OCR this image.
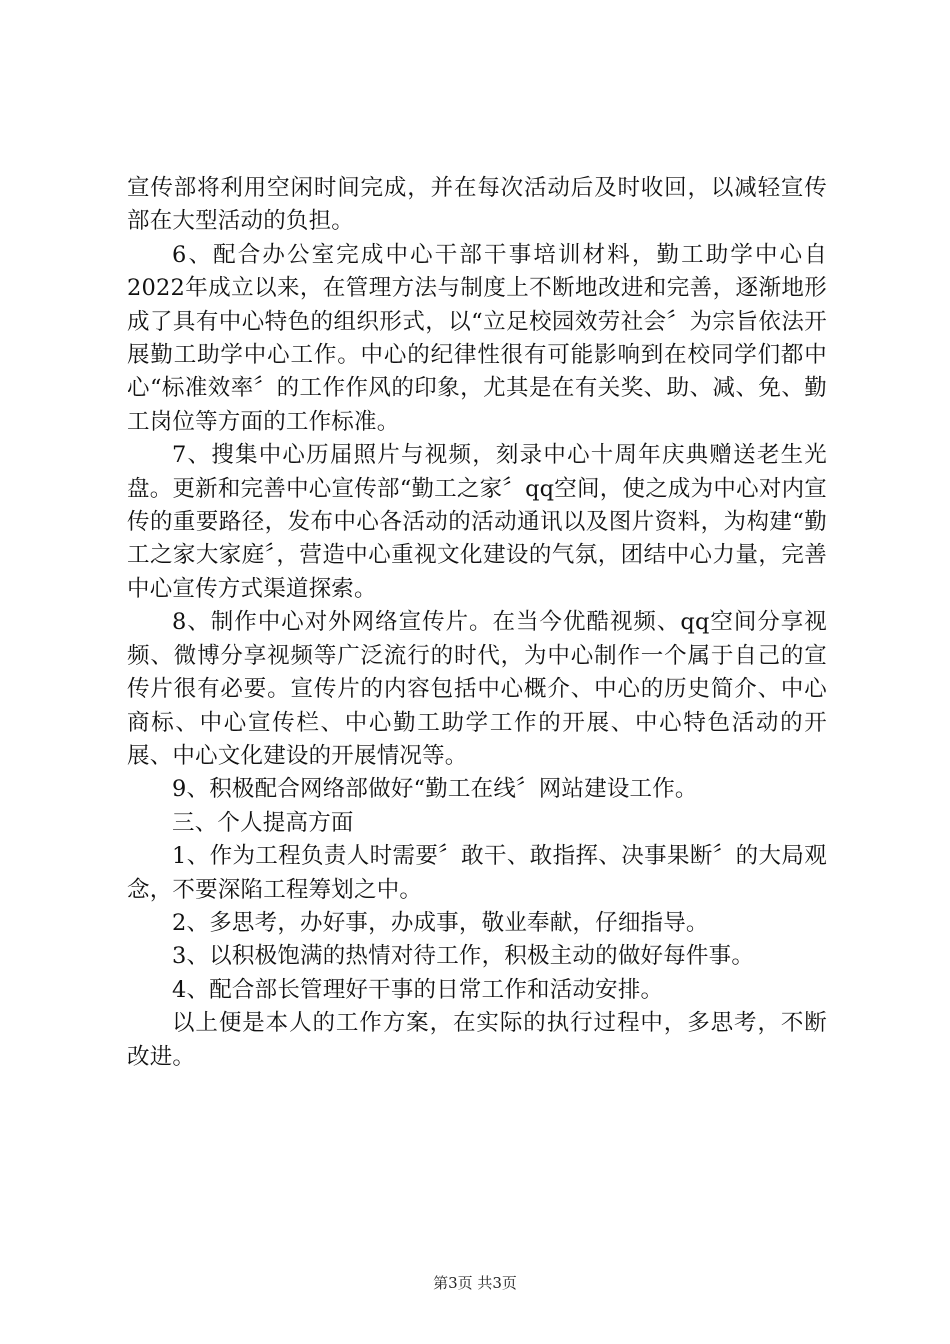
宣传部将利用空闲时间完成，并在每次活动后及时收回，以减轻宣传部在大型活动的负担。

6、配合办公室完成中心干部干事培训材料，勤工助学中心自2022年成立以来，在管理方法与制度上不断地改进和完善，逐渐地形成了具有中心特色的组织形式，以“立足校园效劳社会〞为宗旨依法开展勤工助学中心工作。中心的纪律性很有可能影响到在校同学们都中心“标准效率〞的工作作风的印象，尤其是在有关奖、助、减、免、勤工岗位等方面的工作标准。

7、搜集中心历届照片与视频，刻录中心十周年庆典赠送老生光盘。更新和完善中心宣传部“勤工之家〞qq空间，使之成为中心对内宣传的重要路径，发布中心各活动的活动通讯以及图片资料，为构建“勤工之家大家庭〞，营造中心重视文化建设的气氛，团结中心力量，完善中心宣传方式渠道探索。

8、制作中心对外网络宣传片。在当今优酷视频、qq空间分享视频、微博分享视频等广泛流行的时代，为中心制作一个属于自己的宣传片很有必要。宣传片的内容包括中心概介、中心的历史简介、中心商标、中心宣传栏、中心勤工助学工作的开展、中心特色活动的开展、中心文化建设的开展情况等。

9、积极配合网络部做好“勤工在线〞网站建设工作。

三、个人提高方面

1、作为工程负责人时需要〞敢干、敢指挥、决事果断〞的大局观念，不要深陷工程筹划之中。

2、多思考，办好事，办成事，敬业奉献，仔细指导。

3、以积极饱满的热情对待工作，积极主动的做好每件事。

4、配合部长管理好干事的日常工作和活动安排。

以上便是本人的工作方案，在实际的执行过程中，多思考，不断改进。

第3页 共3页
